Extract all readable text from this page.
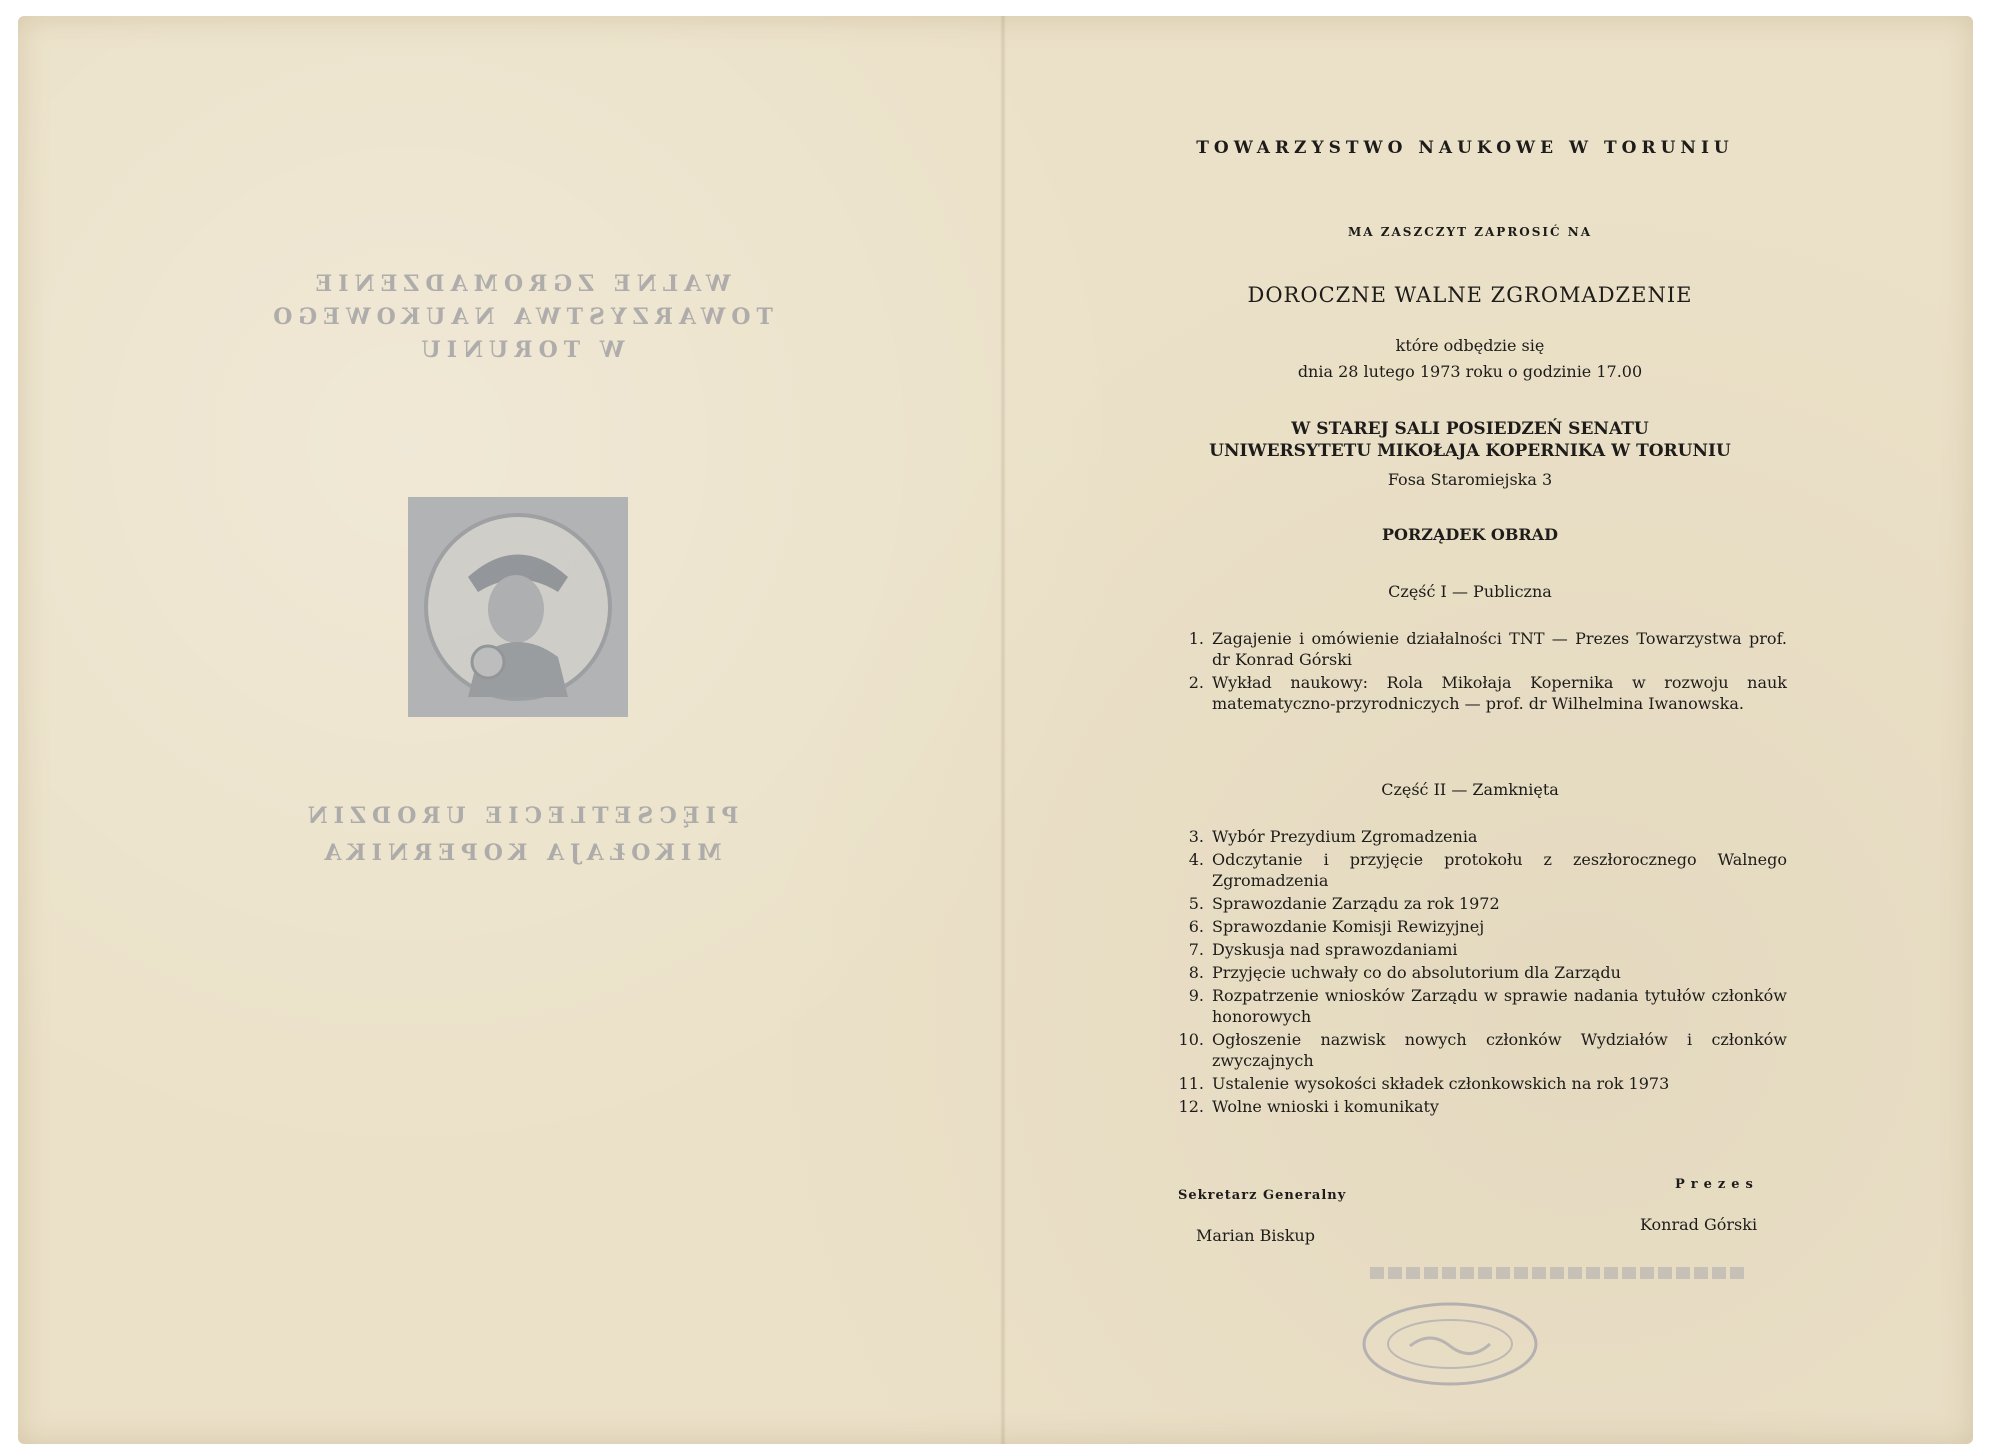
WALNE ZGROMADZENIE
TOWARZYSTWA NAUKOWEGO
W TORUNIU
PIĘCSETLECIE URODZIN
MIKOŁAJA KOPERNIKA
TOWARZYSTWO NAUKOWE W TORUNIU
MA ZASZCZYT ZAPROSIĆ NA
DOROCZNE WALNE ZGROMADZENIE
które odbędzie się
dnia 28 lutego 1973 roku o godzinie 17.00
W STAREJ SALI POSIEDZEŃ SENATU
UNIWERSYTETU MIKOŁAJA KOPERNIKA W TORUNIU
Fosa Staromiejska 3
PORZĄDEK OBRAD
Część I — Publiczna
1. Zagajenie i omówienie działalności TNT — Prezes Towarzystwa prof. dr Konrad Górski
2. Wykład naukowy: Rola Mikołaja Kopernika w rozwoju nauk matematyczno-przyrodniczych — prof. dr Wilhelmina Iwanowska.
Część II — Zamknięta
3. Wybór Prezydium Zgromadzenia
4. Odczytanie i przyjęcie protokołu z zeszłorocznego Walnego Zgromadzenia
5. Sprawozdanie Zarządu za rok 1972
6. Sprawozdanie Komisji Rewizyjnej
7. Dyskusja nad sprawozdaniami
8. Przyjęcie uchwały co do absolutorium dla Zarządu
9. Rozpatrzenie wniosków Zarządu w sprawie nadania tytułów członków honorowych
10. Ogłoszenie nazwisk nowych członków Wydziałów i członków zwyczajnych
11. Ustalenie wysokości składek członkowskich na rok 1973
12. Wolne wnioski i komunikaty
Sekretarz Generalny
Marian Biskup
Prezes
Konrad Górski
